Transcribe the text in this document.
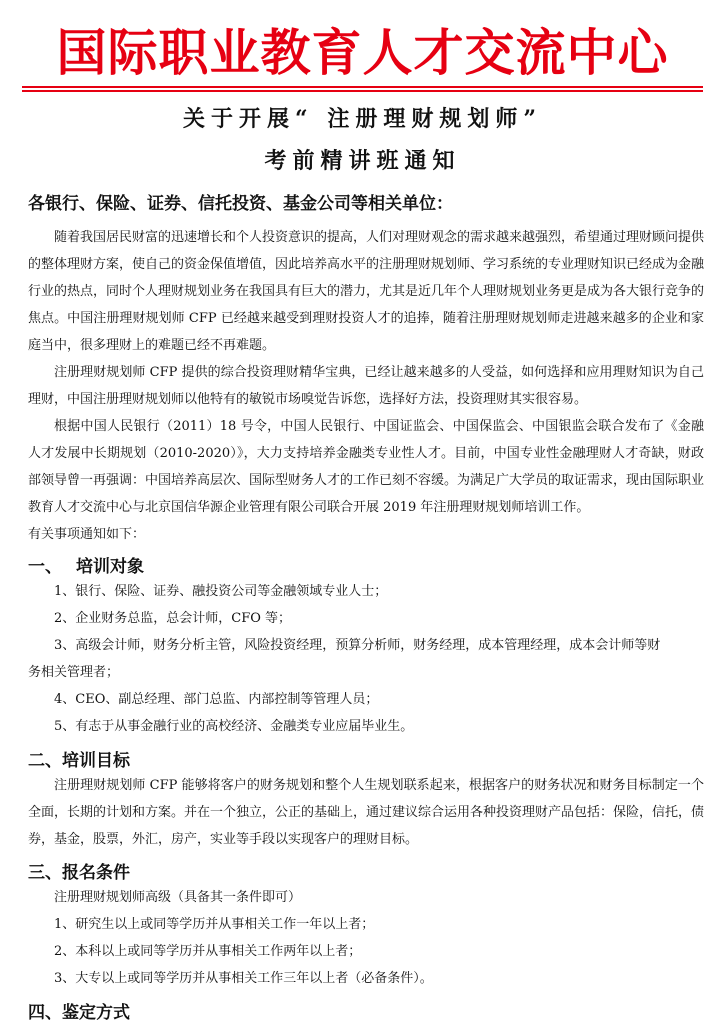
国际职业教育人才交流中心
关于开展“ 注册理财规划师”
考前精讲班通知
各银行、保险、证券、信托投资、基金公司等相关单位：

随着我国居民财富的迅速增长和个人投资意识的提高，人们对理财观念的需求越来越强烈，希望通过理财顾问提供的整体理财方案，使自己的资金保值增值，因此培养高水平的注册理财规划师、学习系统的专业理财知识已经成为金融行业的热点，同时个人理财规划业务在我国具有巨大的潜力，尤其是近几年个人理财规划业务更是成为各大银行竞争的焦点。中国注册理财规划师 CFP 已经越来越受到理财投资人才的追捧，随着注册理财规划师走进越来越多的企业和家庭当中，很多理财上的难题已经不再难题。

注册理财规划师 CFP 提供的综合投资理财精华宝典，已经让越来越多的人受益，如何选择和应用理财知识为自己理财，中国注册理财规划师以他特有的敏锐市场嗅觉告诉您，选择好方法，投资理财其实很容易。

根据中国人民银行（2011）18 号令，中国人民银行、中国证监会、中国保监会、中国银监会联合发布了《金融人才发展中长期规划（2010-2020）》，大力支持培养金融类专业性人才。目前，中国专业性金融理财人才奇缺，财政部领导曾一再强调：中国培养高层次、国际型财务人才的工作已刻不容缓。为满足广大学员的取证需求，现由国际职业教育人才交流中心与北京国信华源企业管理有限公司联合开展 2019 年注册理财规划师培训工作。

有关事项通知如下：

一、 培训对象
1、银行、保险、证券、融投资公司等金融领域专业人士；
2、企业财务总监，总会计师，CFO 等；
3、高级会计师，财务分析主管，风险投资经理，预算分析师，财务经理，成本管理经理，成本会计师等财
务相关管理者；
4、CEO、副总经理、部门总监、内部控制等管理人员；
5、有志于从事金融行业的高校经济、金融类专业应届毕业生。
二、培训目标

注册理财规划师 CFP 能够将客户的财务规划和整个人生规划联系起来，根据客户的财务状况和财务目标制定一个全面，长期的计划和方案。并在一个独立，公正的基础上，通过建议综合运用各种投资理财产品包括：保险，信托，债券，基金，股票，外汇，房产，实业等手段以实现客户的理财目标。

三、报名条件
注册理财规划师高级（具备其一条件即可）
1、研究生以上或同等学历并从事相关工作一年以上者；
2、本科以上或同等学历并从事相关工作两年以上者；
3、大专以上或同等学历并从事相关工作三年以上者（必备条件）。
四、鉴定方式
